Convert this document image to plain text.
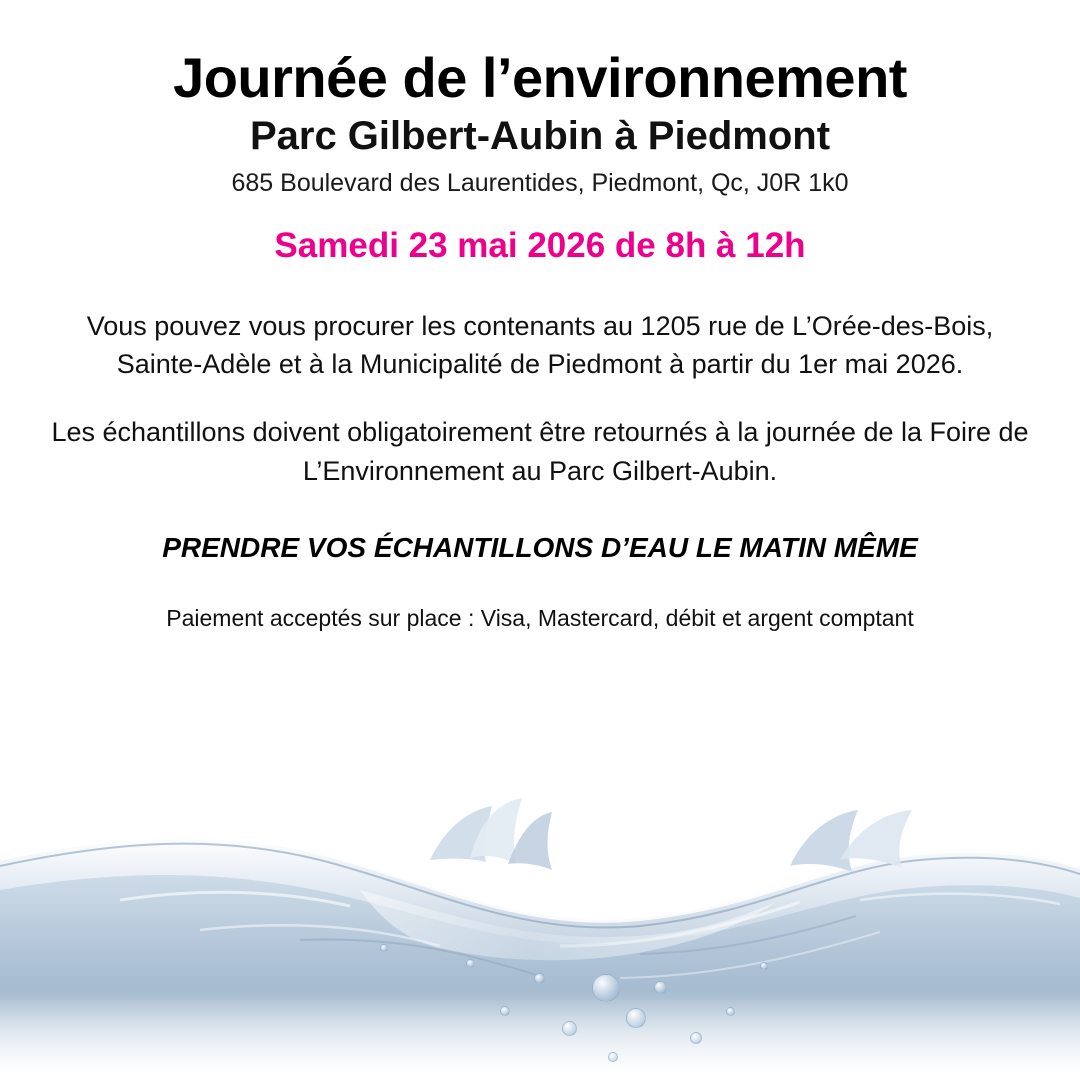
Journée de l’environnement
Parc Gilbert-Aubin à Piedmont
685 Boulevard des Laurentides, Piedmont, Qc, J0R 1k0
Samedi 23 mai 2026 de 8h à 12h

Vous pouvez vous procurer les contenants au 1205 rue de L’Orée-des-Bois, Sainte-Adèle et à la Municipalité de Piedmont à partir du 1er mai 2026.

Les échantillons doivent obligatoirement être retournés à la journée de la Foire de L’Environnement au Parc Gilbert-Aubin.

PRENDRE VOS ÉCHANTILLONS D’EAU LE MATIN MÊME

Paiement acceptés sur place : Visa, Mastercard, débit et argent comptant
